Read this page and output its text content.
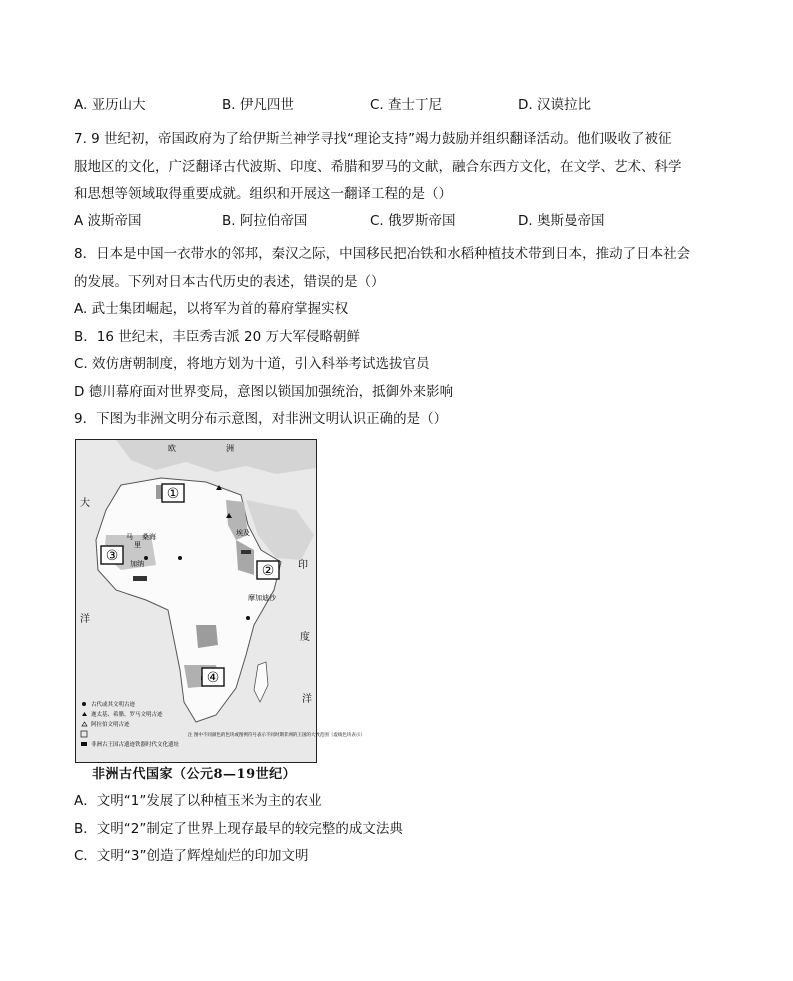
A. 亚历山大	B. 伊凡四世	C. 查士丁尼	D. 汉谟拉比
7. 9 世纪初，帝国政府为了给伊斯兰神学寻找“理论支持”竭力鼓励并组织翻译活动。他们吸收了被征
服地区的文化，广泛翻译古代波斯、印度、希腊和罗马的文献，融合东西方文化，在文学、艺术、科学
和思想等领域取得重要成就。组织和开展这一翻译工程的是（）
A 波斯帝国	B. 阿拉伯帝国	C. 俄罗斯帝国	D. 奥斯曼帝国
8．日本是中国一衣带水的邻邦，秦汉之际，中国移民把冶铁和水稻种植技术带到日本，推动了日本社会
的发展。下列对日本古代历史的表述，错误的是（）
A. 武士集团崛起，以将军为首的幕府掌握实权
B．16 世纪末，丰臣秀吉派 20 万大军侵略朝鲜
C. 效仿唐朝制度，将地方划为十道，引入科举考试选拔官员
D 德川幕府面对世界变局，意图以锁国加强统治，抵御外来影响
9．下图为非洲文明分布示意图，对非洲文明认识正确的是（）
①
②
③
④
大
印
度
洋
洋
欧	洲
埃及
马
里
桑海
加纳
摩加迪沙
古代或其文明古迹
迦太基、希腊、罗马文明古迹
阿拉伯文明古迹
非洲古王国古遗迹铁器时代文化遗址
注 图中不同颜色的色块或图例符号表示不同时期非洲的王国的大致范围（虚线色块表示）
非洲古代国家（公元8—19世纪）
A．文明“1”发展了以种植玉米为主的农业
B．文明“2”制定了世界上现存最早的较完整的成文法典
C．文明“3”创造了辉煌灿烂的印加文明
